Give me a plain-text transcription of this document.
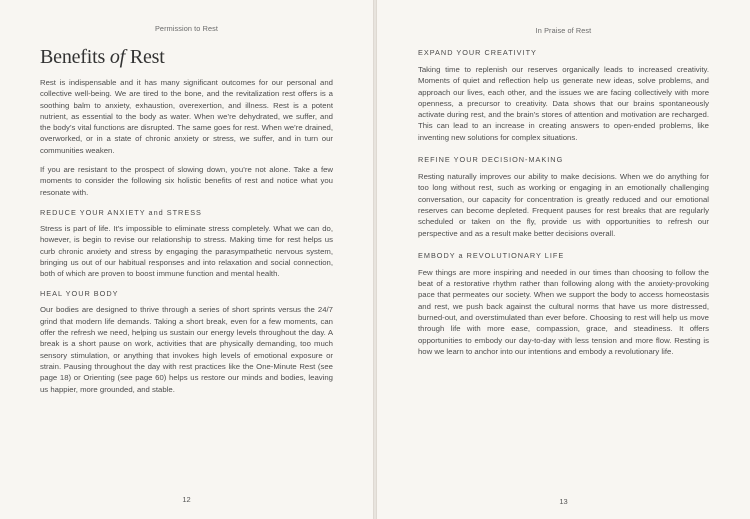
Permission to Rest
Benefits of Rest

Rest is indispensable and it has many significant outcomes for our personal and collective well-being. We are tired to the bone, and the revitalization rest offers is a soothing balm to anxiety, exhaustion, overexertion, and illness. Rest is a potent nutrient, as essential to the body as water. When we’re dehydrated, we suffer, and the body’s vital functions are disrupted. The same goes for rest. When we’re drained, overworked, or in a state of chronic anxiety or stress, we suffer, and in turn our communities weaken.

If you are resistant to the prospect of slowing down, you’re not alone. Take a few moments to consider the following six holistic benefits of rest and notice what you resonate with.

REDUCE YOUR ANXIETY and STRESS

Stress is part of life. It’s impossible to eliminate stress completely. What we can do, however, is begin to revise our relationship to stress. Making time for rest helps us curb chronic anxiety and stress by engaging the parasympathetic nervous system, bringing us out of our habitual responses and into relaxation and social connection, both of which are proven to boost immune function and mental health.

HEAL YOUR BODY

Our bodies are designed to thrive through a series of short sprints versus the 24/7 grind that modern life demands. Taking a short break, even for a few moments, can offer the refresh we need, helping us sustain our energy levels throughout the day. A break is a short pause on work, activities that are physically demanding, too much sensory stimulation, or anything that invokes high levels of emotional exposure or strain. Pausing throughout the day with rest practices like the One-Minute Rest (see page 18) or Orienting (see page 60) helps us restore our minds and bodies, leaving us happier, more grounded, and stable.

12
In Praise of Rest
EXPAND YOUR CREATIVITY

Taking time to replenish our reserves organically leads to increased creativity. Moments of quiet and reflection help us generate new ideas, solve problems, and approach our lives, each other, and the issues we are facing collectively with more openness, a precursor to creativity. Data shows that our brains spontaneously activate during rest, and the brain’s stores of attention and motivation are recharged. This can lead to an increase in creating answers to open-ended problems, like inventing new solutions for complex situations.

REFINE YOUR DECISION-MAKING

Resting naturally improves our ability to make decisions. When we do anything for too long without rest, such as working or engaging in an emotionally challenging conversation, our capacity for concentration is greatly reduced and our emotional reserves can become depleted. Frequent pauses for rest breaks that are regularly scheduled or taken on the fly, provide us with opportunities to refresh our perspective and as a result make better decisions overall.

EMBODY a REVOLUTIONARY LIFE

Few things are more inspiring and needed in our times than choosing to follow the beat of a restorative rhythm rather than following along with the anxiety-provoking pace that permeates our society. When we support the body to access homeostasis and rest, we push back against the cultural norms that have us more distressed, burned-out, and overstimulated than ever before. Choosing to rest will help us move through life with more ease, compassion, grace, and steadiness. It offers opportunities to embody our day-to-day with less tension and more flow. Resting is how we learn to anchor into our intentions and embody a revolutionary life.

13
